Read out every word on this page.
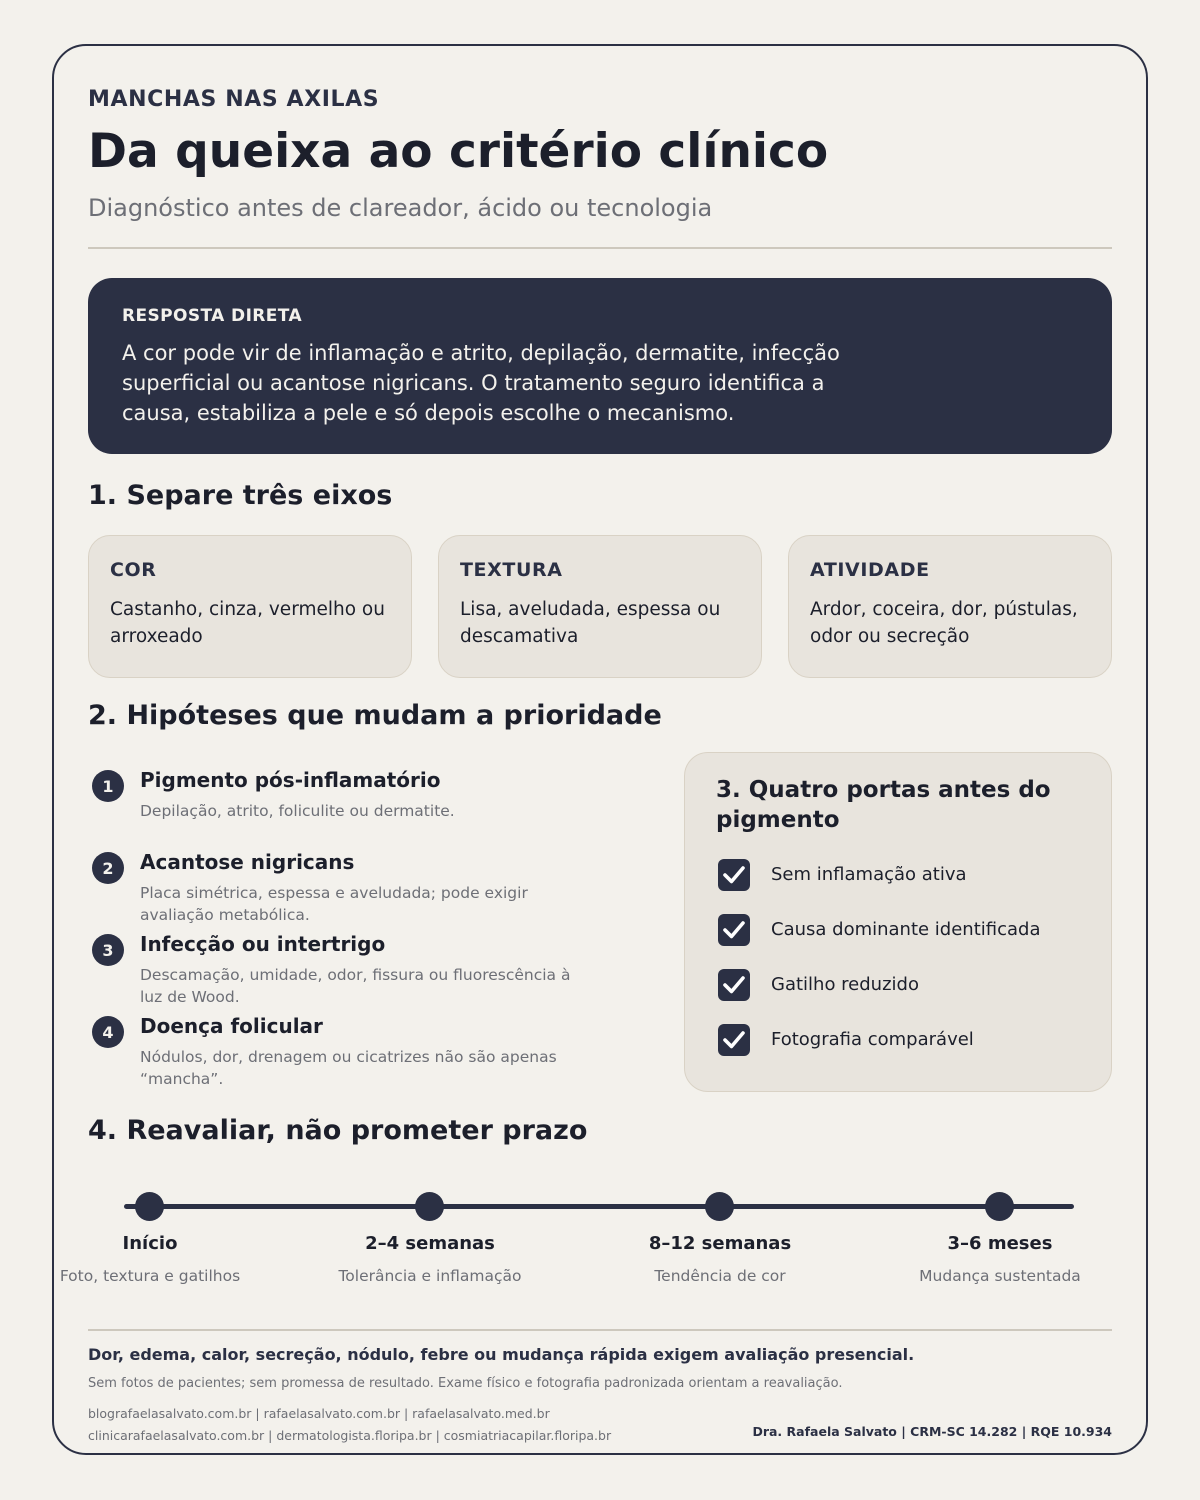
MANCHAS NAS AXILAS
Da queixa ao critério clínico
Diagnóstico antes de clareador, ácido ou tecnologia
RESPOSTA DIRETA
A cor pode vir de inflamação e atrito, depilação, dermatite, infecção superficial ou acantose nigricans. O tratamento seguro identifica a causa, estabiliza a pele e só depois escolhe o mecanismo.
1. Separe três eixos
COR
Castanho, cinza, vermelho ou arroxeado
TEXTURA
Lisa, aveludada, espessa ou descamativa
ATIVIDADE
Ardor, coceira, dor, pústulas, odor ou secreção
2. Hipóteses que mudam a prioridade
1	Pigmento pós-inflamatório
Depilação, atrito, foliculite ou dermatite.
2	Acantose nigricans
Placa simétrica, espessa e aveludada; pode exigir avaliação metabólica.
3	Infecção ou intertrigo
Descamação, umidade, odor, fissura ou fluorescência à luz de Wood.
4	Doença folicular
Nódulos, dor, drenagem ou cicatrizes não são apenas “mancha”.
3. Quatro portas antes do pigmento
Sem inflamação ativa
Causa dominante identificada
Gatilho reduzido
Fotografia comparável
4. Reavaliar, não prometer prazo
Início
Foto, textura e gatilhos
2–4 semanas
Tolerância e inflamação
8–12 semanas
Tendência de cor
3–6 meses
Mudança sustentada
Dor, edema, calor, secreção, nódulo, febre ou mudança rápida exigem avaliação presencial.
Sem fotos de pacientes; sem promessa de resultado. Exame físico e fotografia padronizada orientam a reavaliação.
blografaelasalvato.com.br | rafaelasalvato.com.br | rafaelasalvato.med.br
clinicarafaelasalvato.com.br | dermatologista.floripa.br | cosmiatriacapilar.floripa.br	Dra. Rafaela Salvato | CRM-SC 14.282 | RQE 10.934
